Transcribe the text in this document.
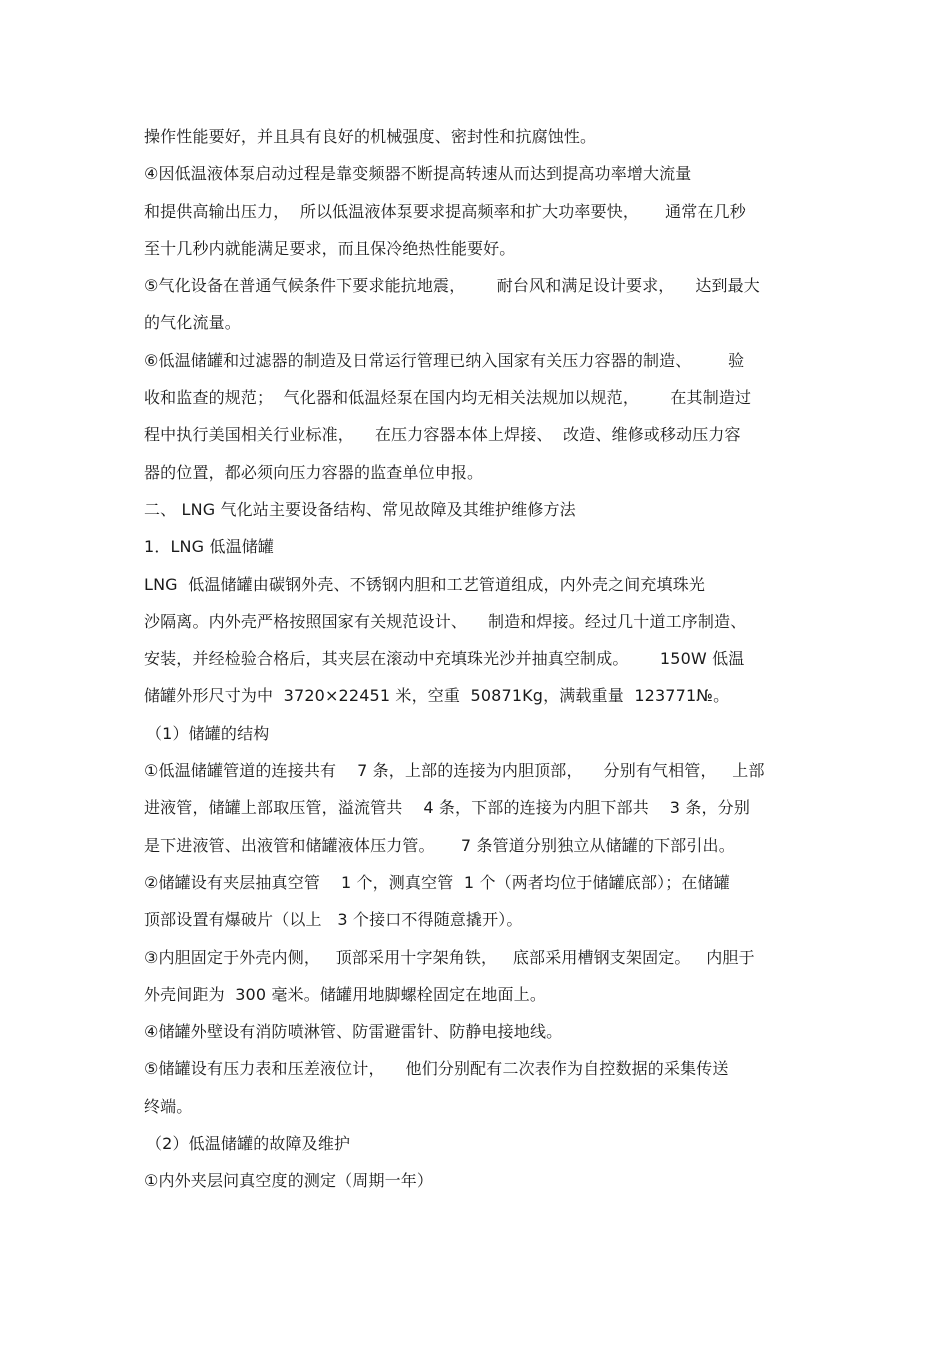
操作性能要好，并且具有良好的机械强度、密封性和抗腐蚀性。
④因低温液体泵启动过程是靠变频器不断提高转速从而达到提高功率增大流量
和提供高输出压力，  所以低温液体泵要求提高频率和扩大功率要快，     通常在几秒
至十几秒内就能满足要求，而且保冷绝热性能要好。
⑤气化设备在普通气候条件下要求能抗地震，      耐台风和满足设计要求，    达到最大
的气化流量。
⑥低温储罐和过滤器的制造及日常运行管理已纳入国家有关压力容器的制造、       验
收和监查的规范；  气化器和低温烃泵在国内均无相关法规加以规范，      在其制造过
程中执行美国相关行业标准，    在压力容器本体上焊接、  改造、维修或移动压力容
器的位置，都必须向压力容器的监查单位申报。
二、 LNG 气化站主要设备结构、常见故障及其维护维修方法
1．LNG 低温储罐
LNG  低温储罐由碳钢外壳、不锈钢内胆和工艺管道组成，内外壳之间充填珠光
沙隔离。内外壳严格按照国家有关规范设计、    制造和焊接。经过几十道工序制造、
安装，并经检验合格后，其夹层在滚动中充填珠光沙并抽真空制成。      150W 低温
储罐外形尺寸为中  3720×22451 米，空重  50871Kg，满载重量  123771№。
（1）储罐的结构
①低温储罐管道的连接共有    7 条，上部的连接为内胆顶部，    分别有气相管，   上部
进液管，储罐上部取压管，溢流管共    4 条，下部的连接为内胆下部共    3 条，分别
是下进液管、出液管和储罐液体压力管。     7 条管道分别独立从储罐的下部引出。
②储罐设有夹层抽真空管    1 个，测真空管  1 个（两者均位于储罐底部）；在储罐
顶部设置有爆破片（以上   3 个接口不得随意撬开）。
③内胆固定于外壳内侧，   顶部采用十字架角铁，   底部采用槽钢支架固定。   内胆于
外壳间距为  300 毫米。储罐用地脚螺栓固定在地面上。
④储罐外壁设有消防喷淋管、防雷避雷针、防静电接地线。
⑤储罐设有压力表和压差液位计，    他们分别配有二次表作为自控数据的采集传送
终端。
（2）低温储罐的故障及维护
①内外夹层问真空度的测定（周期一年）
